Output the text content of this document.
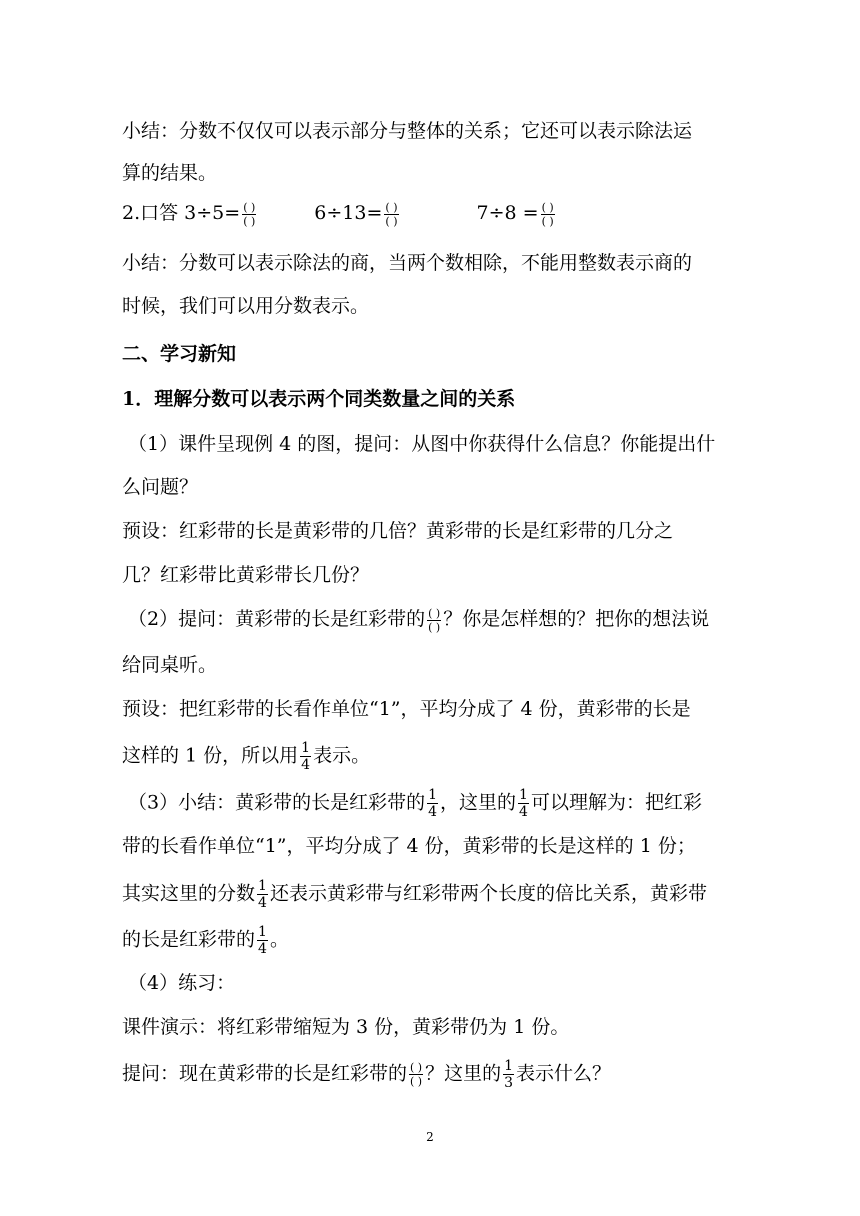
小结：分数不仅仅可以表示部分与整体的关系；它还可以表示除法运
算的结果。
2.口答 $3\div 5= \frac{( )}{( )}$	$6\div 13= \frac{( )}{( )}$	$7\div 8 = \frac{( )}{( )}$
小结：分数可以表示除法的商，当两个数相除，不能用整数表示商的
时候，我们可以用分数表示。
二、学习新知
1．理解分数可以表示两个同类数量之间的关系
（1）课件呈现例 4 的图，提问：从图中你获得什么信息？你能提出什
么问题？
预设：红彩带的长是黄彩带的几倍？黄彩带的长是红彩带的几分之
几？红彩带比黄彩带长几份？
（2）提问：黄彩带的长是红彩带的 $\frac{( )}{( )}$ ？你是怎样想的？把你的想法说
给同桌听。
预设：把红彩带的长看作单位“1”，平均分成了 4 份，黄彩带的长是
这样的 1 份，所以用 $\frac{1}{4}$ 表示。
（3）小结：黄彩带的长是红彩带的 $\frac{1}{4}$ ，这里的 $\frac{1}{4}$ 可以理解为：把红彩
带的长看作单位“1”，平均分成了 4 份，黄彩带的长是这样的 1 份；
其实这里的分数 $\frac{1}{4}$ 还表示黄彩带与红彩带两个长度的倍比关系，黄彩带
的长是红彩带的 $\frac{1}{4}$ 。
（4）练习：
课件演示：将红彩带缩短为 3 份，黄彩带仍为 1 份。
提问：现在黄彩带的长是红彩带的 $\frac{( )}{( )}$ ？这里的 $\frac{1}{3}$ 表示什么？
2
